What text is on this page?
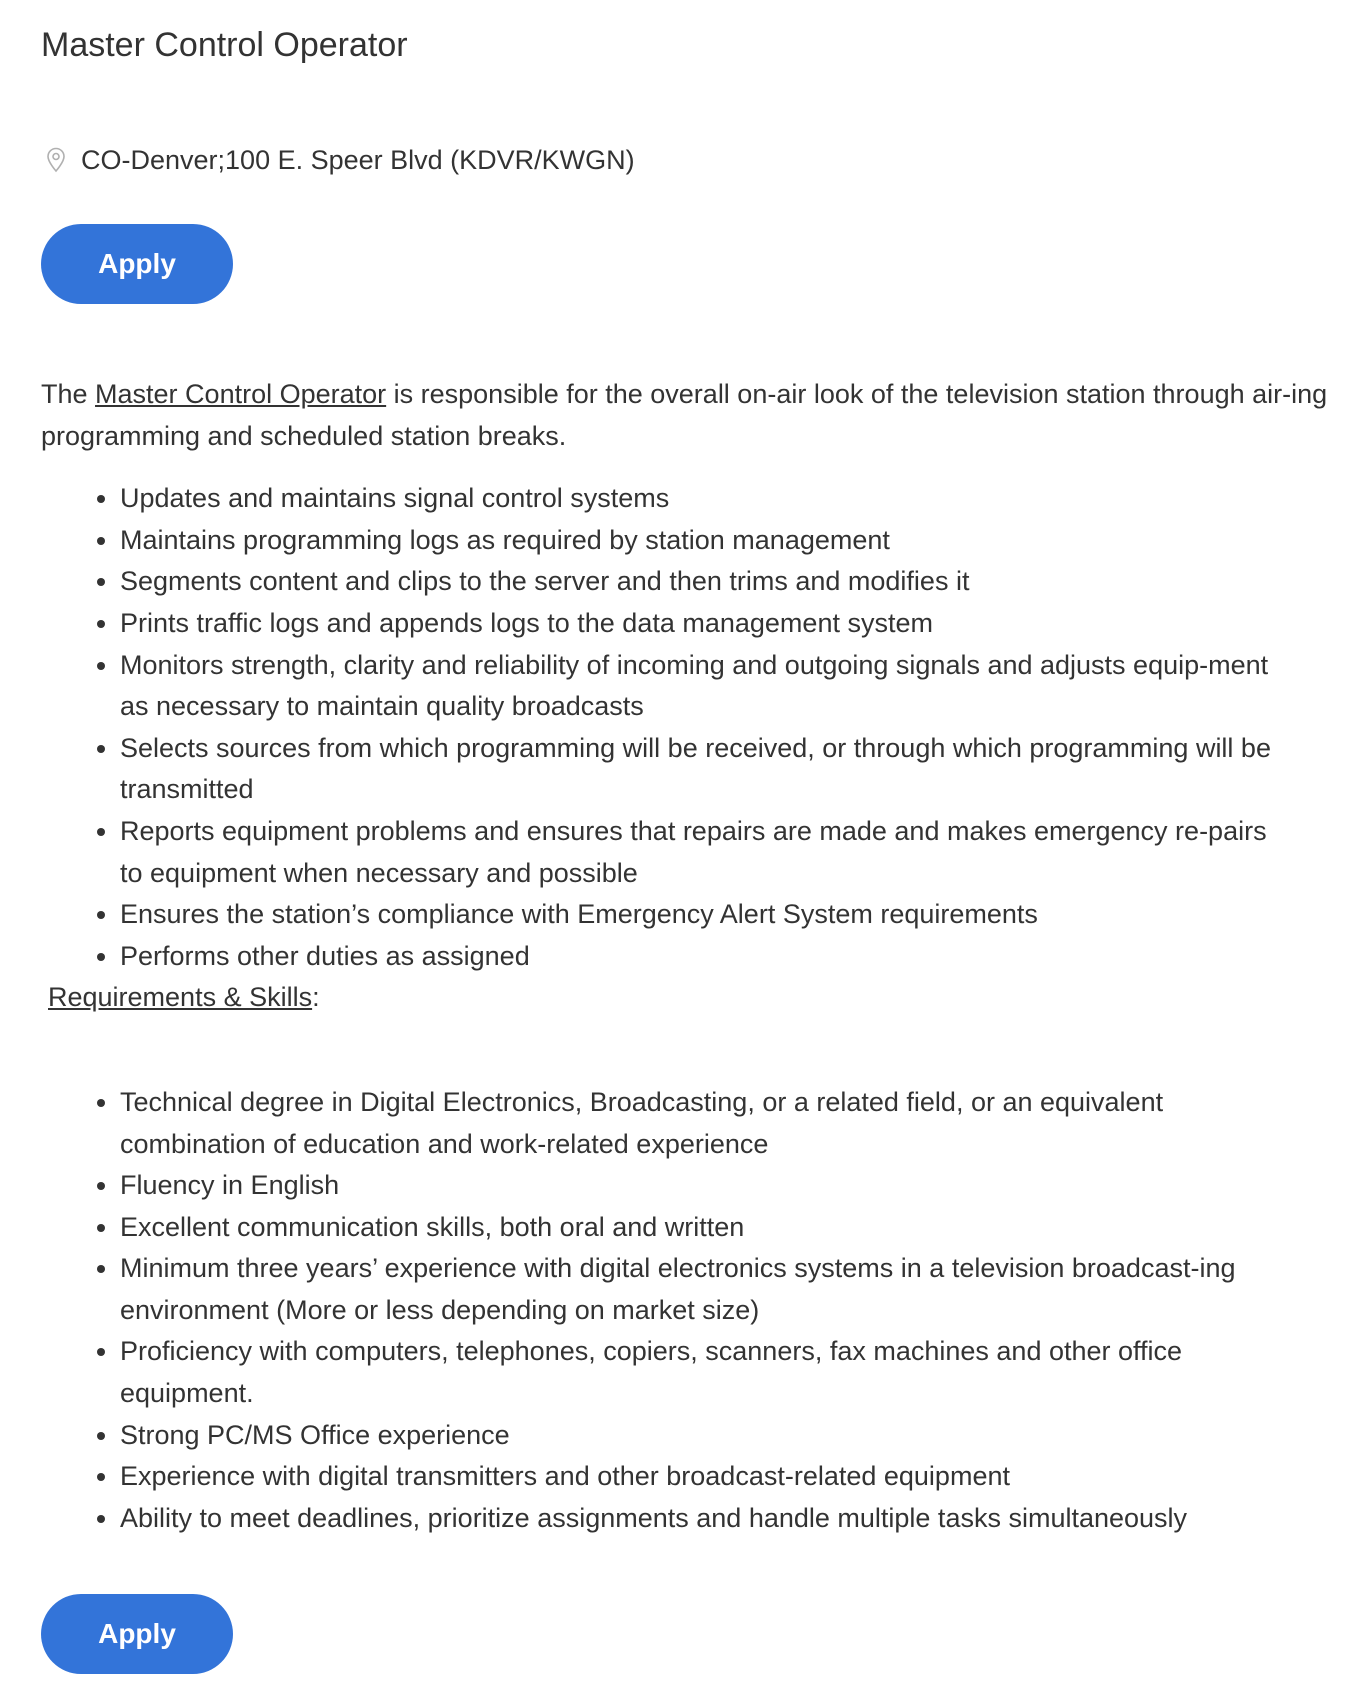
Master Control Operator
CO-Denver;100 E. Speer Blvd (KDVR/KWGN)
Apply

The Master Control Operator is responsible for the overall on-air look of the television station through air-ing programming and scheduled station breaks.

• Updates and maintains signal control systems
• Maintains programming logs as required by station management
• Segments content and clips to the server and then trims and modifies it
• Prints traffic logs and appends logs to the data management system
• Monitors strength, clarity and reliability of incoming and outgoing signals and adjusts equip-ment as necessary to maintain quality broadcasts
• Selects sources from which programming will be received, or through which programming will be transmitted
• Reports equipment problems and ensures that repairs are made and makes emergency re-pairs to equipment when necessary and possible
• Ensures the station’s compliance with Emergency Alert System requirements
• Performs other duties as assigned

Requirements & Skills:

• Technical degree in Digital Electronics, Broadcasting, or a related field, or an equivalent combination of education and work-related experience
• Fluency in English
• Excellent communication skills, both oral and written
• Minimum three years’ experience with digital electronics systems in a television broadcast-ing environment (More or less depending on market size)
• Proficiency with computers, telephones, copiers, scanners, fax machines and other office equipment.
• Strong PC/MS Office experience
• Experience with digital transmitters and other broadcast-related equipment
• Ability to meet deadlines, prioritize assignments and handle multiple tasks simultaneously
Apply
